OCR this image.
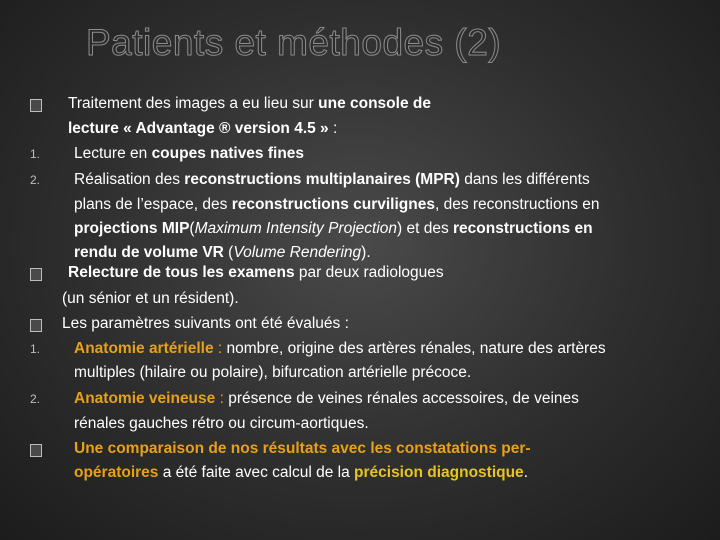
Patients et méthodes (2)
Traitement des images a eu lieu sur une console de
lecture « Advantage ® version 4.5 » :
1.	Lecture en coupes natives fines
2.	Réalisation des reconstructions multiplanaires (MPR) dans les différents
plans de l’espace, des reconstructions curvilignes, des reconstructions en
projections MIP(Maximum Intensity Projection) et des reconstructions en
rendu de volume VR (Volume Rendering).
Relecture de tous les examens par deux radiologues
(un sénior et un résident).
Les paramètres suivants ont été évalués :
1.	Anatomie artérielle : nombre, origine des artères rénales, nature des artères
multiples (hilaire ou polaire), bifurcation artérielle précoce.
2.	Anatomie veineuse : présence de veines rénales accessoires, de veines
rénales gauches rétro ou circum-aortiques.
Une comparaison de nos résultats avec les constatations per-
opératoires a été faite avec calcul de la précision diagnostique.
